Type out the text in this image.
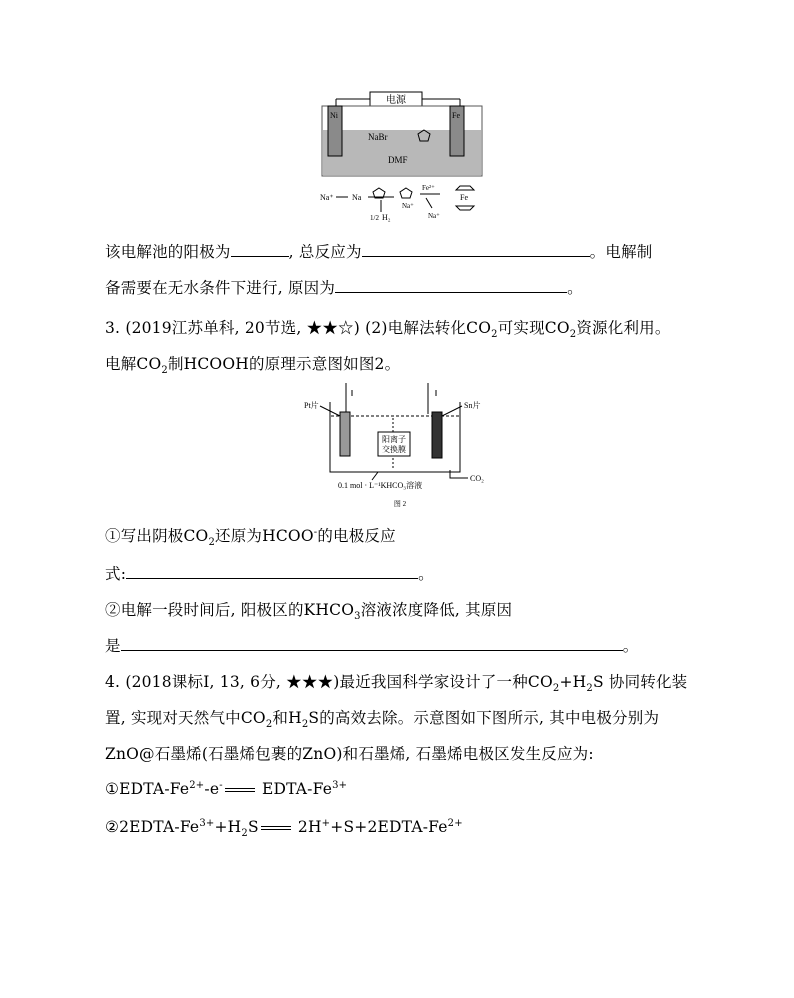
电源
Ni	Fe
NaBr
DMF
Na⁺ Na
1/2 H₂
Na⁺
Fe²⁺
Na⁺
Fe
该电解池的阳极为	, 总反应为	。电解制
备需要在无水条件下进行, 原因为	。
3. (2019江苏单科, 20节选, ★★☆) (2)电解法转化$CO_2$可实现$CO_2$资源化利用。
电解$CO_2$制HCOOH的原理示意图如图2。
阳离子
交换膜
Pt片	Sn片
CO₂
0.1 mol · L⁻¹KHCO₃溶液
图 2
①写出阴极$CO_2$还原为HCOO-的电极反应
式:	。
②电解一段时间后, 阳极区的$KHCO_3$溶液浓度降低, 其原因
是	。
4. (2018课标Ⅰ, 13, 6分, ★★★)最近我国科学家设计了一种$CO_2+H_2S$ 协同转化装
置, 实现对天然气中$CO_2$和$H_2S$的高效去除。示意图如下图所示, 其中电极分别为
ZnO@石墨烯(石墨烯包裹的ZnO)和石墨烯, 石墨烯电极区发生反应为:
①EDTA-$Fe^{2+}-e^-$ EDTA-$Fe^{3+}$
$②2EDTA-Fe^{3+}+H_2S$ $2H^++S+2EDTA-Fe^{2+}$
